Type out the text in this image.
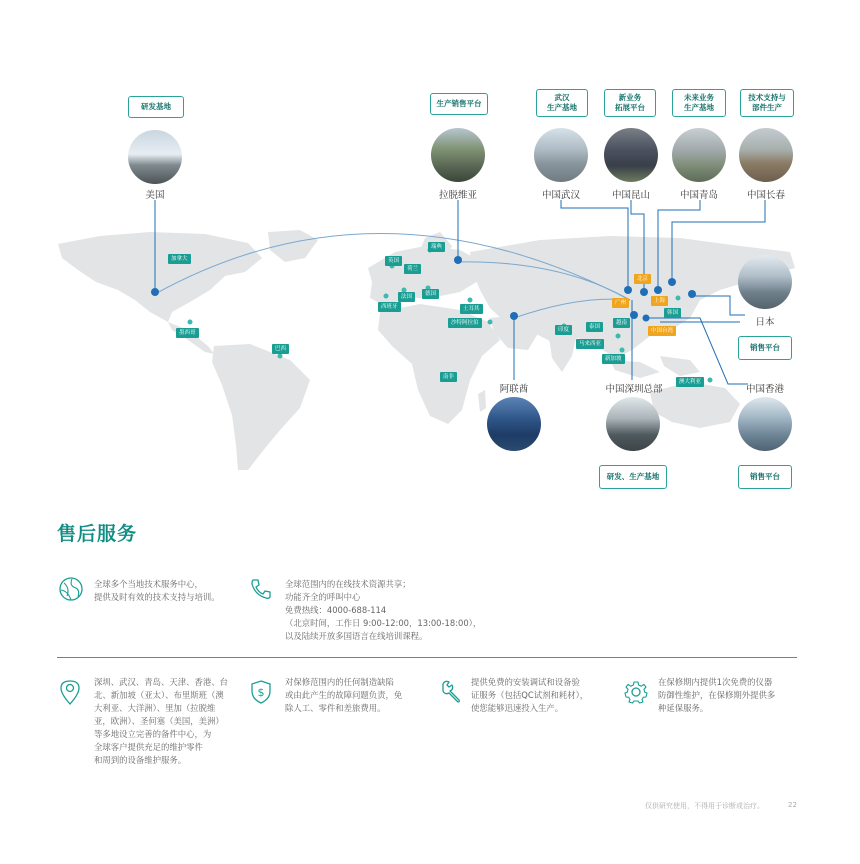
研发基地
美国
生产销售平台
拉脱维亚
武汉
生产基地
中国武汉
新业务
拓展平台
中国昆山
未来业务
生产基地
中国青岛
技术支持与
部件生产
中国长春
阿联酋	中国深圳总部
研发、生产基地
中国香港
销售平台
日本
销售平台
加拿大
墨西哥
巴西
英国
荷兰
瑞典
德国
法国
西班牙	土耳其
沙特阿拉伯
印度	泰国
越南
马来西亚
新加坡
南非
澳大利亚
韩国
北京
广州	上海
中国台湾
售后服务
全球多个当地技术服务中心，
提供及时有效的技术支持与培训。
全球范围内的在线技术资源共享；
功能齐全的呼叫中心
免费热线：4000-688-114
（北京时间，工作日 9:00-12:00，13:00-18:00），
以及陆续开放多国语言在线培训课程。
深圳、武汉、青岛、天津、香港、台
北、新加坡（亚太）、布里斯班（澳
大利亚、大洋洲）、里加（拉脱维
亚，欧洲）、圣何塞（美国，美洲）
等多地设立完善的备件中心，为
全球客户提供充足的维护零件
和周到的设备维护服务。
$
对保修范围内的任何制造缺陷
或由此产生的故障问题负责，免
除人工、零件和差旅费用。
提供免费的安装调试和设备验
证服务（包括QC试剂和耗材），
使您能够迅速投入生产。
在保修期内提供1次免费的仪器
防御性维护，在保修期外提供多
种延保服务。
仅供研究使用，不得用于诊断或治疗。	22
